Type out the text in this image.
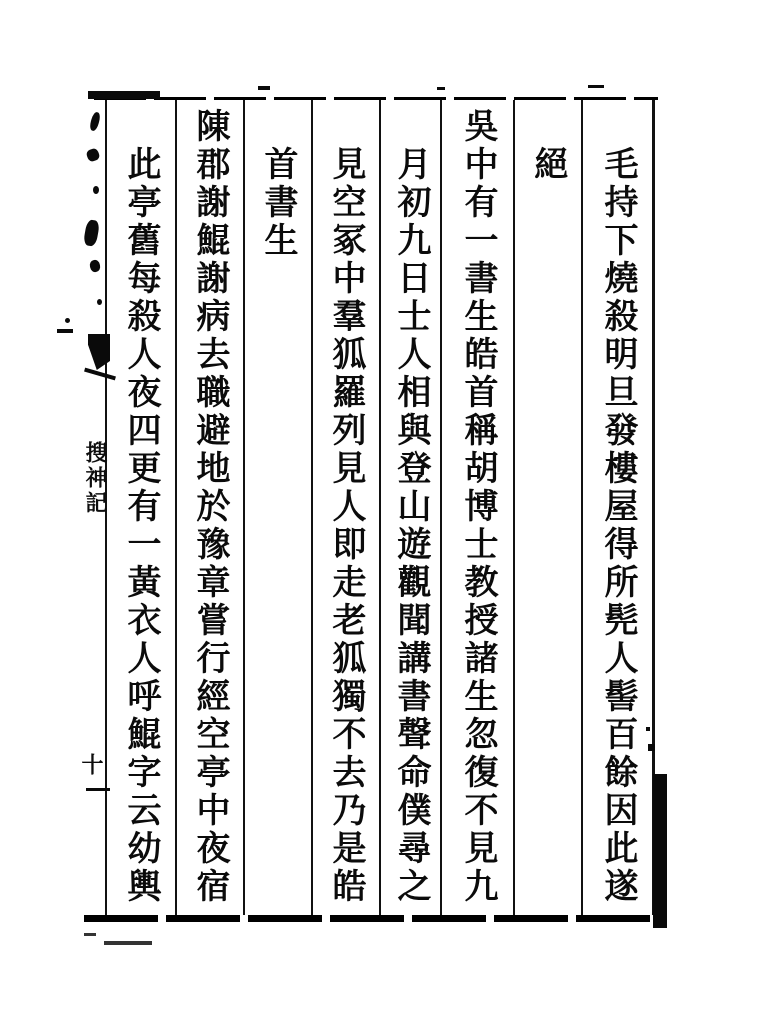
毛持下燒殺明旦發樓屋得所髡人髻百餘因此遂
絕
吳中有一書生皓首稱胡博士教授諸生忽復不見九
月初九日士人相與登山遊觀聞講書聲命僕尋之
見空冢中羣狐羅列見人即走老狐獨不去乃是皓
首書生
陳郡謝鯤謝病去職避地於豫章嘗行經空亭中夜宿
此亭舊每殺人夜四更有一黃衣人呼鯤字云幼輿
搜神記
十
